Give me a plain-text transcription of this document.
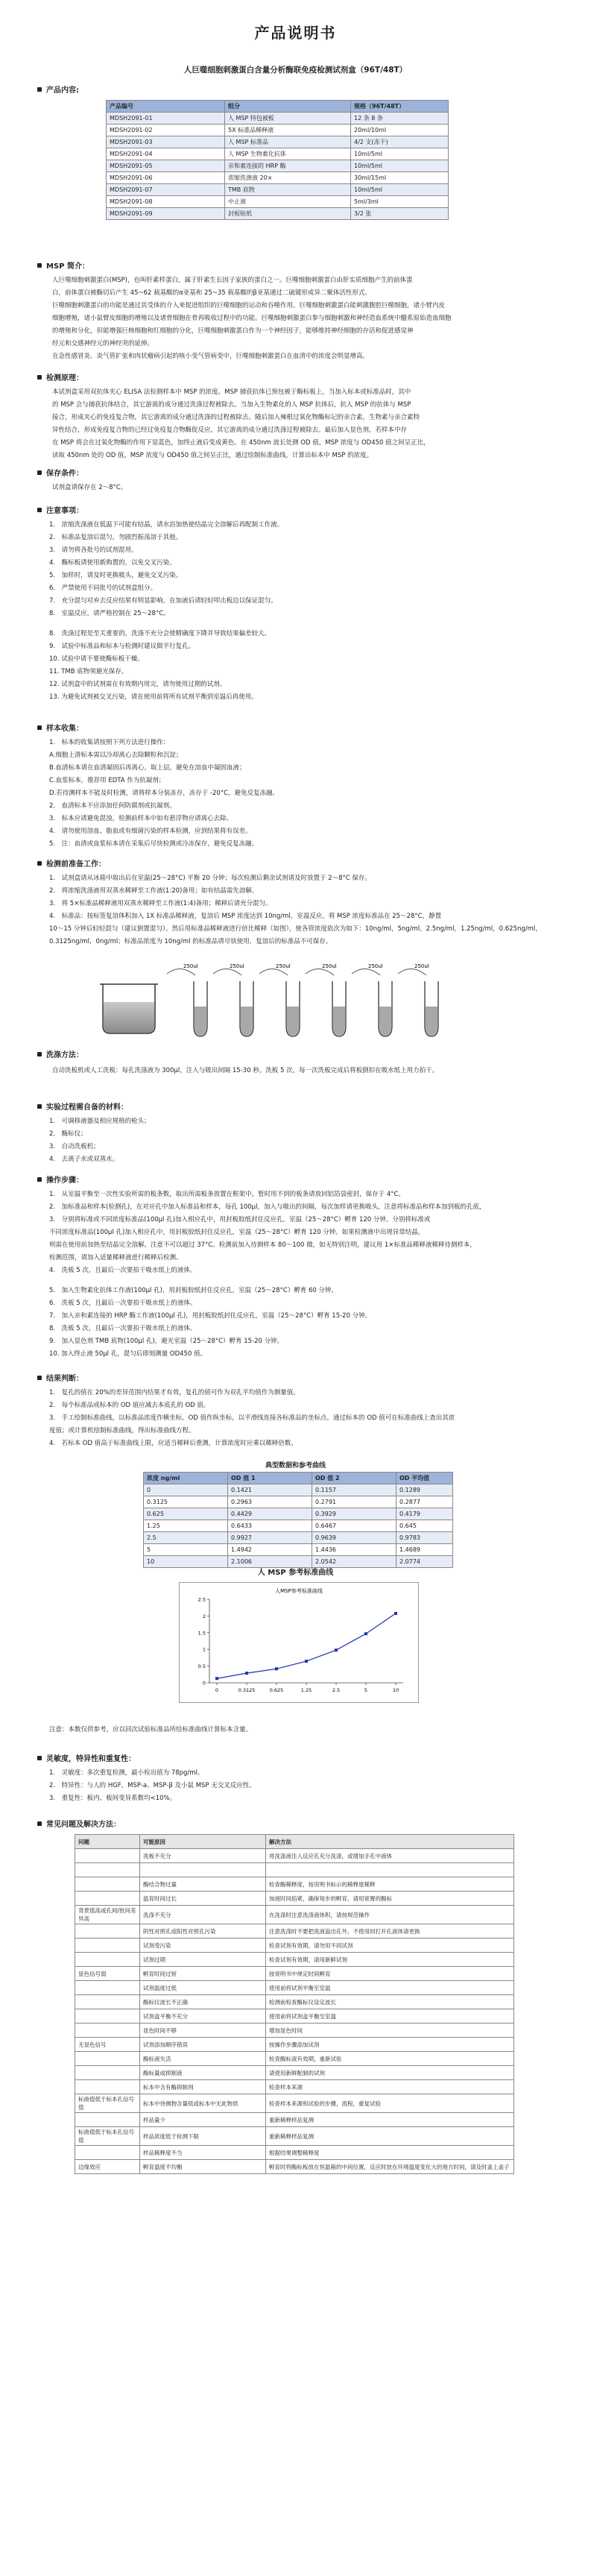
产品说明书
人巨噬细胞刺激蛋白含量分析酶联免疫检测试剂盒（96T/48T）
产品内容:
产品编号	组分	规格（96T/48T）
MDSH2091-01	人 MSP 特包被板	12 条 8 条
MDSH2091-02	5X 标准品稀释液	20ml/10ml
MDSH2091-03	人 MSP 标准品	4/2 支(冻干)
MDSH2091-04	人 MSP 生物素化抗体	10ml/5ml
MDSH2091-05	亲和素连接的 HRP 酶	10ml/5ml
MDSH2091-06	浓缩洗涤液 20×	30ml/15ml
MDSH2091-07	TMB 底物	10ml/5ml
MDSH2091-08	中止液	5ml/3ml
MDSH2091-09	封板贴纸	3/2 张
MSP 简介：
人巨噬细胞刺激蛋白(MSP)，也叫肝素样蛋白，属于肝素生长因子家族的蛋白之一。巨噬细胞刺激蛋白由肝实质细胞产生的前体蛋
白，前体蛋白被酶切后产生 45~62 载基酸的α亚基和 25~35 载基酸的β亚基通过二硫键形成异二聚体活性形式。
巨噬细胞刺激蛋白的功能是通过其受体的介入来促进组织的巨噬细胞的运动和吞噬作用。巨噬细胞刺激蛋白能刺激腹腔巨噬细胞，诸小臂内皮
细胞增殖，诸小鼠臂皮细胞的增殖以及诸骨细胞在骨再吸收过程中的功能。巨噬细胞刺激蛋白参与细胞刺激和神经造血系统中髓系原始造血细胞
的增殖和分化，但能增强巨核细胞和红细胞的分化，巨噬细胞刺激蛋白作为一个神经因子，能够维持神经细胞的存活和促进感觉神
经元和交感神经元的神经突的延伸。
在急性感冒炎、炎气管扩张和肉状瘤病引起的咳小变气管病变中，巨噬细胞刺激蛋白在血清中的浓度会明显增高。
检测原理：
本试剂盒采用双抗体夹心 ELISA 法检测样本中 MSP 的浓度。MSP 捕获抗体已预包被于酶标板上，当加入标本或标准品时，其中
的 MSP 会与捕获抗体结合，其它游离的成分通过洗涤过程被除去。当加入生物素化的人 MSP 抗体后，抗人 MSP 的抗体与 MSP
接合，形成夹心的免疫复合物，其它游离的成分通过洗涤的过程被除去。随后加入辣根过氧化物酶标记的亲合素，生物素与亲合素特
异性结合，形成免疫复合物的已经过免疫复合物酶促反应，其它游离的成分通过洗涤过程被除去。最后加入显色剂，若样本中存
在 MSP 将会在过氧化物酶的作用下显蓝色，加终止液后变成黄色。在 450nm 波长处测 OD 值，MSP 浓度与 OD450 值之间呈正比，
读取 450nm 处的 OD 值，MSP 浓度与 OD450 值之间呈正比，通过绘制标准曲线，计算出标本中 MSP 的浓度。
保存条件：
试剂盒请保存在 2～8°C。
注意事项：
1.　浓缩洗涤液在低温下可能有结晶，请水浴加热使结晶完全溶解后再配制工作液。
2.　标准品复溶后混匀，勿剧烈振荡溶于其他。
3.　请勿将各批号的试剂混用。
4.　酶标板请使用新购置的，以免交叉污染。
5.　加样时，请及时更换吸头，避免交叉污染。
6.　严禁使用不同批号的试剂盒组分。
7.　充分混匀对弃去反应结果有明显影响，在加液后请轻轻叩击板边以保证混匀。
8.　室温反应，请严格控制在 25～28°C。
8.　洗涤过程是至关重要的，洗涤不充分会使精确度下降并导致结果偏差较大。
9.　试验中标准品和标本与检测时建议做平行复孔。
10. 试验中请不要使酶标板干燥。
11. TMB 底物须避光保存。
12. 试剂盒中的试剂需在有效期内用完，请勿使用过期的试剂。
13. 为避免试剂被交叉污染，请在使用前将所有试剂平衡到室温后再使用。
样本收集：
1.　标本的收集请按照下列方法进行操作：
A.细胞上清标本需以冷却离心去除颗粒和沉淀；
B.血清标本请在血清凝固后再离心，取上层，避免在溶血中凝固血液；
C.血浆标本，推荐用 EDTA 作为抗凝剂；
D.若待测样本不能及时检测，请将样本分装冻存，冻存于 -20°C，避免反复冻融。
2.　血清标本不应添加任何防腐剂或抗凝剂。
3.　标本应请避免混浊，检测前样本中如有悬浮物应请离心去除。
4.　请勿使用溶血、脂血或有细菌污染的样本检测，应到结果将有误差。
5.　注：血清或血浆标本请在采集后尽快检测或冷冻保存，避免反复冻融。
检测前准备工作：
1.　试剂盒请从冰箱中取出后在室温(25～28°C) 平衡 20 分钟；每次检测后剩余试剂请及时放置于 2～8°C 保存。
2.　将浓缩洗涤液用双蒸水稀释至工作液(1:20)备用；如有结晶需先溶解。
3.　将 5×标准品稀释液用双蒸水稀释至工作液(1:4)备用；稀释后请充分混匀。
4.　标准品：按标签复溶体积加入 1X 标准品稀释液，复溶后 MSP 浓度达到 10ng/ml，室温反应，将 MSP 浓度标准品在 25～28°C，静置
10～15 分钟后轻轻混匀（建议倒置混匀）。然后用标准品稀释液进行倍比稀释（如图），使各管浓度依次为如下：10ng/ml，5ng/ml，2.5ng/ml，1.25ng/ml，0.625ng/ml，
0.3125ng/ml，0ng/ml；标准品浓度为 10ng/ml 的标准品请尽快使用，复溶后的标准品不可保存。
250ul	250ul	250ul	250ul	250ul	250ul
洗涤方法：
自动洗板机或人工洗板：每孔洗涤液为 300μl，注入与吸出间隔 15-30 秒。洗板 5 次，每一次洗板完成后将板倒扣在吸水纸上用力拍干。
实验过程需自备的材料：
1.　可调移液器及相应规格的枪头；
2.　酶标仪；
3.　自动洗板机；
4.　去离子水或双蒸水。
操作步骤：
1.　从室温平衡至一次性实验所需的板条数，取出所需板条放置在框架中。暂时用不到的板条请放回铝箔袋密封，保存于 4°C。
2.　加标准品和样本(检测孔)，在对应孔中加入标准品和样本，每孔 100μl，加入与吸出的间隔，每次加样请更换吸头，注意将标准品和样本加到板的孔底，
3.　分别将标准或不同浓度标准品(100μl 孔)加入相应孔中，用封板胶纸封住反应孔，室温（25～28°C）孵育 120 分钟。分别将标准或
不同浓度标准品(100μl 孔)加入相应孔中，用封板胶纸封住反应孔，室温（25～28°C）孵育 120 分钟。如果检测液中出现异常结晶，
则需在使用前加热至结晶完全溶解。注意不可以超过 37°C。检测前加入待测样本 80～100 微，如无特别注明，建议用 1×标准品稀释液稀释待测样本，
检测范围，请加入适量稀释液进行稀释后检测。
4.　洗板 5 次，且最后一次要拍干吸水纸上的液体。
5.　加入生物素化抗体工作液(100μl 孔)，用封板胶纸封住反应孔，室温（25～28°C）孵育 60 分钟。
6.　洗板 5 次，且最后一次要拍干吸水纸上的液体。
7.　加入亲和素连接的 HRP 酶工作液(100μl 孔)，用封板胶纸封住反应孔，室温（25～28°C）孵育 15-20 分钟。
8.　洗板 5 次，且最后一次要拍干吸水纸上的液体。
9.　加入显色剂 TMB 底物(100μl 孔)，避光室温（25～28°C）孵育 15-20 分钟。
10. 加入终止液 50μl 孔，混匀后即刻测量 OD450 值。
结果判断：
1.　复孔的值在 20%的差异范围内结果才有效，复孔的值可作为双孔平均值作为测量值。
2.　每个标准品或标本的 OD 值应减去本底孔的 OD 值。
3.　手工绘制标准曲线，以标准品浓度作横坐标，OD 值作纵坐标，以平滑线连接各标准品的坐标点。通过标本的 OD 值可在标准曲线上查出其浓
度值；或计算机绘制标准曲线，得出标准曲线方程。
4.　若标本 OD 值高于标准曲线上限，应适当稀释后重测，计算浓度时应乘以稀释倍数。
典型数据和参考曲线
浓度 ng/ml	OD 值 1	OD 值 2	OD 平均值
0	0.1421	0.1157	0.1289
0.3125	0.2963	0.2791	0.2877
0.625	0.4429	0.3929	0.4179
1.25	0.6433	0.6467	0.645
2.5	0.9927	0.9639	0.9783
5	1.4942	1.4436	1.4689
10	2.1006	2.0542	2.0774
人 MSP 参考标准曲线
人MSP参考标准曲线
0
0.5
1
1.5
2
2.5
0	0.3125	0.625	1.25	2.5	5	10
注意：本数仅供参考，应以同次试验标准品所绘标准曲线计算标本含量。
灵敏度，特异性和重复性：
1.　灵敏度：多次重复检测，最小检出值为 78pg/ml。
2.　特异性：与人的 HGF、MSP-a、MSP-β 及小鼠 MSP 无交叉反应性。
3.　重复性：板内、板间变异系数均<10%。
常见问题及解决方法：
问题	可能原因	解决方法
	洗板不充分	将洗涤液注入反应孔充分洗涤，或增加手孔中液体

	酶结合物过量	检查酶稀释度，按说明书标示的稀释度稀释
	温育时间过长	加液时间掐紧，确保每步的孵育，请用宽置的酶标
背景值高或孔间/批间差异高	洗涤不充分	在洗涤时注意洗涤液体积，请按规范操作
	阴性对照孔或阳性对照孔污染	注意洗涤时不要把洗液溢出孔外，不使用同打开孔液体请更换
	试剂受污染	检查试剂有效期，请勿用不同试剂
	试剂过期	检查试剂有效期，请用新鲜试剂
显色信号弱	孵育时间过短	按说明书中规定时间孵育
	试剂温度过低	使用前将试剂平衡至室温
	酶标仪波长不正确	检测前检查酶标仪设定波长
	试剂盒平衡不充分	使用前将试剂盒平衡至室温
	显色时间不够	增加显色时间
无显色信号	试剂添加顺序错误	按操作步骤添加试剂
	酶标液失活	检查酶标液有效期，重新试验
	酶标量或抑制液	请使用新鲜配制的试剂
	标本中含有酶抑制剂	检查样本来源
标曲值低于标本孔信号值	标本中待测物含量低或标本中无此物质	检查样本来源和试验的步骤，流程，重复试验
	样品量少	重新稀释样品复测
标曲值低于标本孔信号值	样品浓度低于检测下限	重新稀释样品复测
	样品稀释度不当	根据结果调整稀释度
边缘效应	孵育温度不均衡	孵育时将酶标板放在恒温箱的中间位置，反应时放在环境温度变化大的地方时间，请及时盖上盖子
